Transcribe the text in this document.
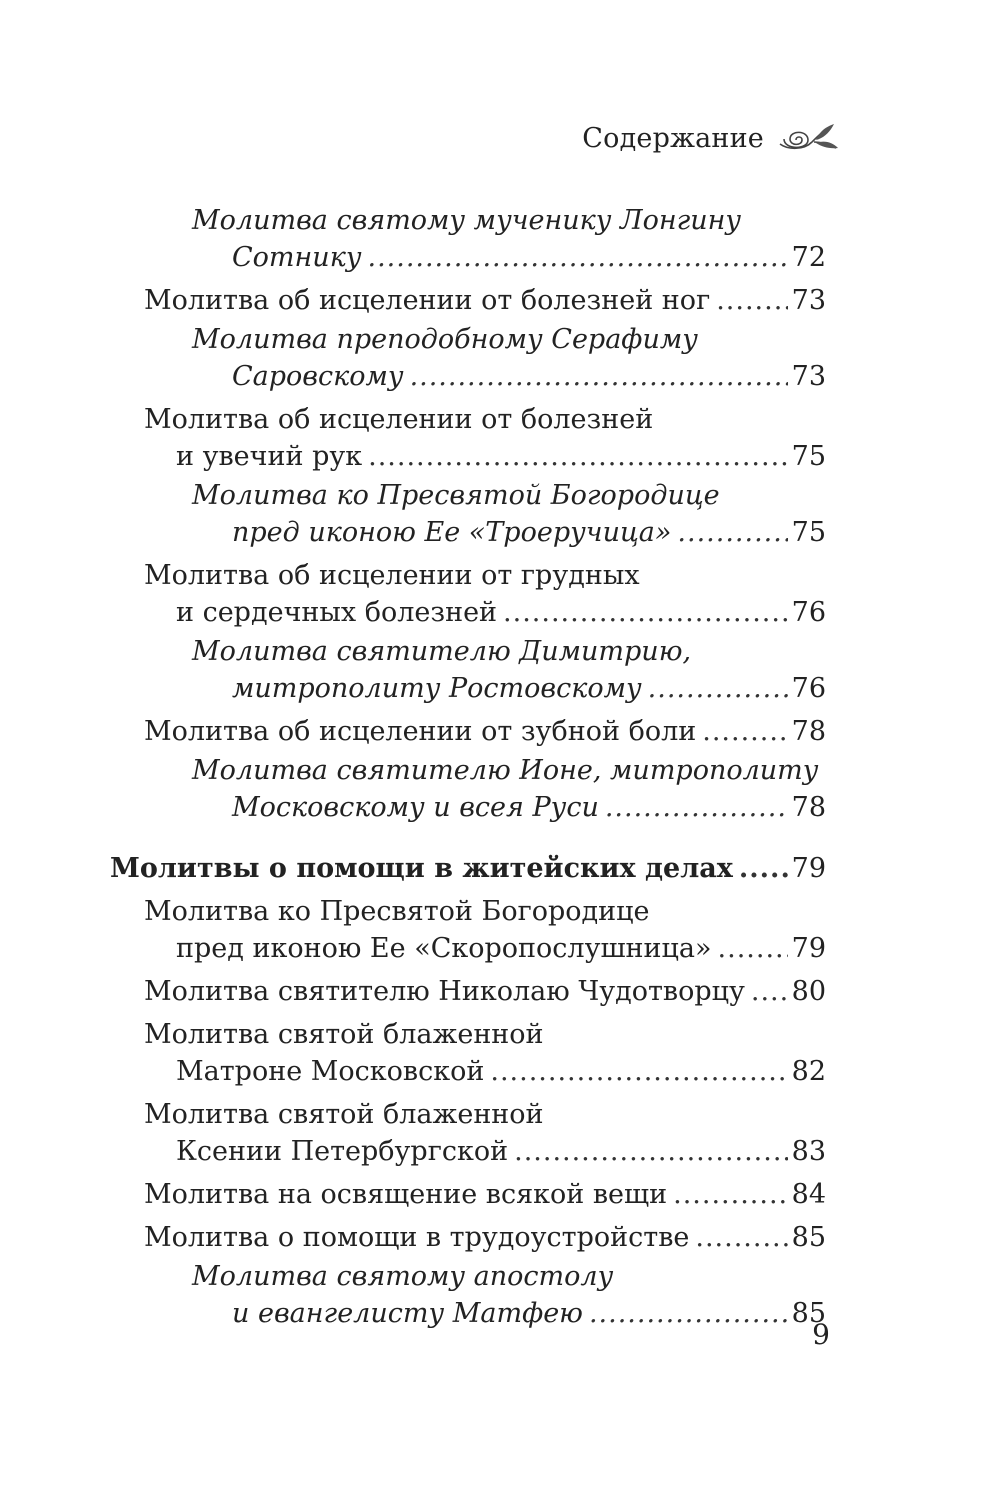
Содержание
Молитва святому мученику Лонгину
Сотнику .....	72
Молитва об исцелении от болезней ног .....	73
Молитва преподобному Серафиму
Саровскому .....	73
Молитва об исцелении от болезней
и увечий рук .....	75
Молитва ко Пресвятой Богородице
пред иконою Ее «Троеручица» .....	75
Молитва об исцелении от грудных
и сердечных болезней .....	76
Молитва святителю Димитрию,
митрополиту Ростовскому .....	76
Молитва об исцелении от зубной боли .....	78
Молитва святителю Ионе, митрополиту
Московскому и всея Руси .....	78
Молитвы о помощи в житейских делах ..... 79
Молитва ко Пресвятой Богородице
пред иконою Ее «Скоропослушница» .....	79
Молитва святителю Николаю Чудотворцу ..... 80
Молитва святой блаженной
Матроне Московской .....	82
Молитва святой блаженной
Ксении Петербургской .....	83
Молитва на освящение всякой вещи .....	84
Молитва о помощи в трудоустройстве .....	85
Молитва святому апостолу
и евангелисту Матфею .....	85
9
